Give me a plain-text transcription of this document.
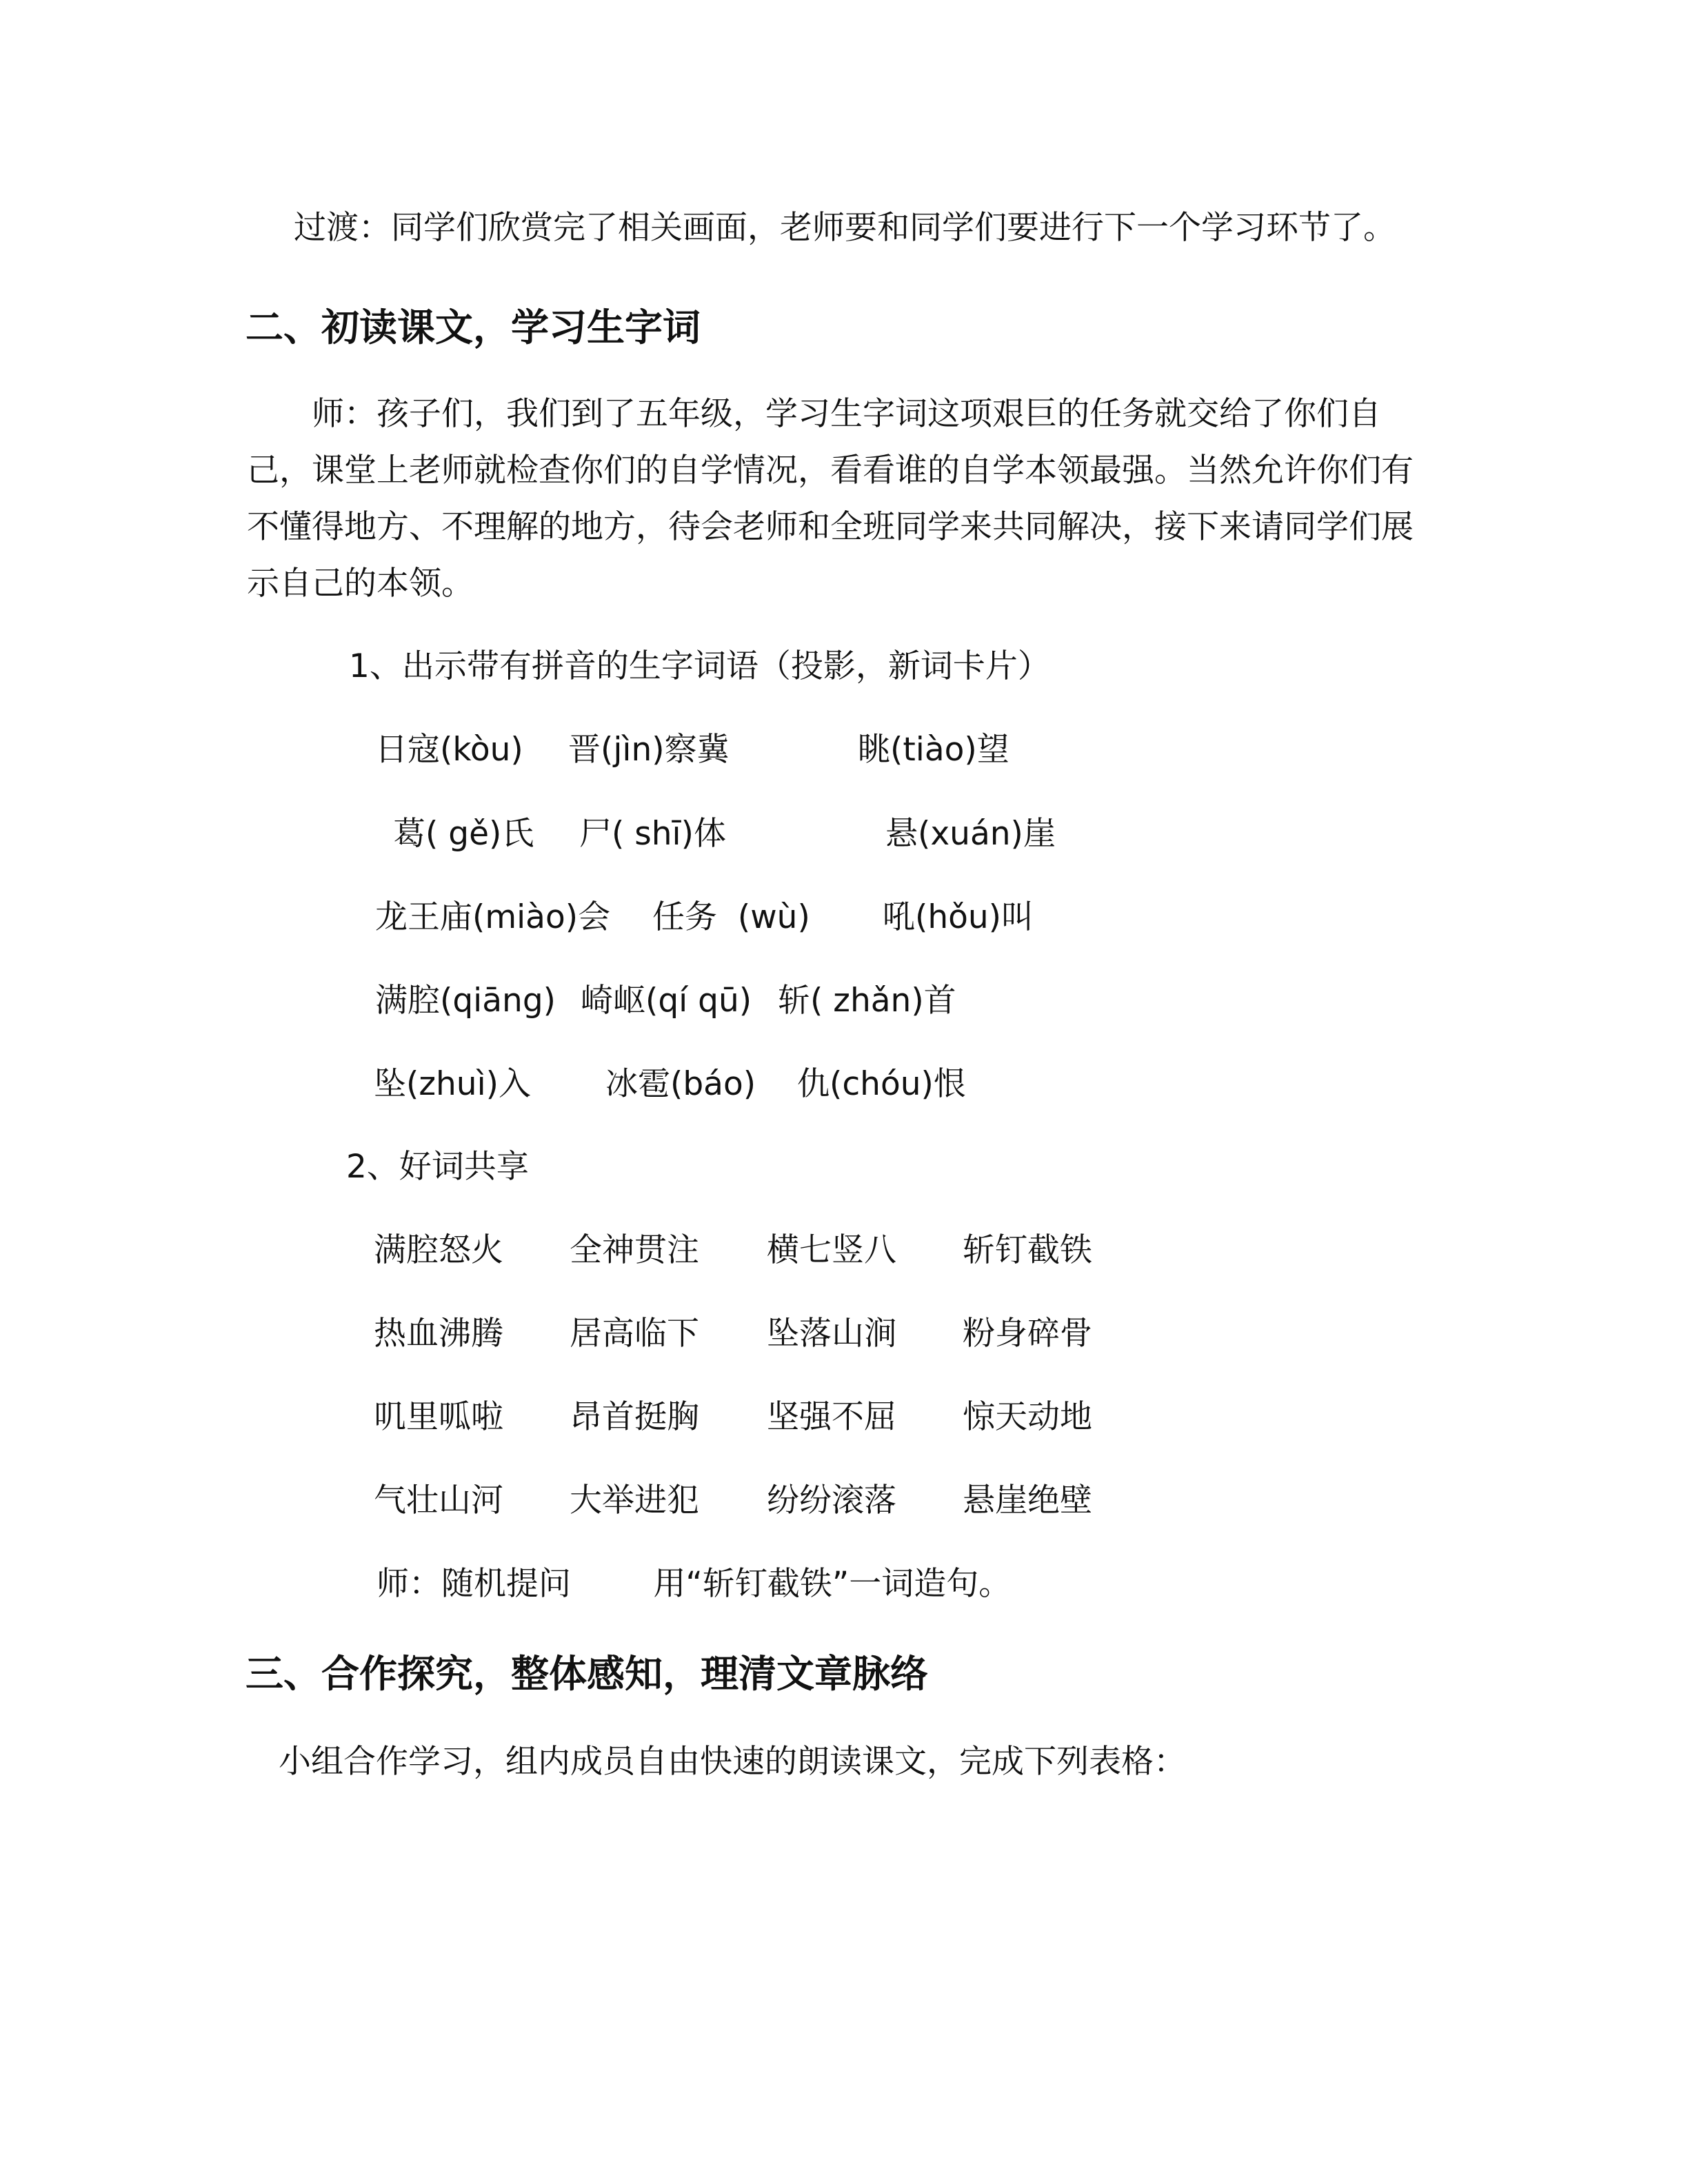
过渡：同学们欣赏完了相关画面，老师要和同学们要进行下一个学习环节了。
二、初读课文，学习生字词
师：孩子们，我们到了五年级，学习生字词这项艰巨的任务就交给了你们自
己，课堂上老师就检查你们的自学情况，看看谁的自学本领最强。当然允许你们有
不懂得地方、不理解的地方，待会老师和全班同学来共同解决，接下来请同学们展
示自己的本领。
1、出示带有拼音的生字词语（投影，新词卡片）
日寇(kòu) 晋(jìn)察冀	眺(tiào)望
葛( gě)氏 尸( shī)体	悬(xuán)崖
龙王庙(miào)会 任务  (wù) 吼(hǒu)叫
满腔(qiāng) 崎岖(qí qū) 斩( zhǎn)首
坠(zhuì)入 冰雹(báo) 仇(chóu)恨
2、好词共享
满腔怒火 全神贯注 横七竖八 斩钉截铁
热血沸腾 居高临下 坠落山涧 粉身碎骨
叽里呱啦 昂首挺胸 坚强不屈 惊天动地
气壮山河 大举进犯 纷纷滚落 悬崖绝壁
师：随机提问        用“斩钉截铁”一词造句。
三、合作探究，整体感知，理清文章脉络
小组合作学习，组内成员自由快速的朗读课文，完成下列表格：
